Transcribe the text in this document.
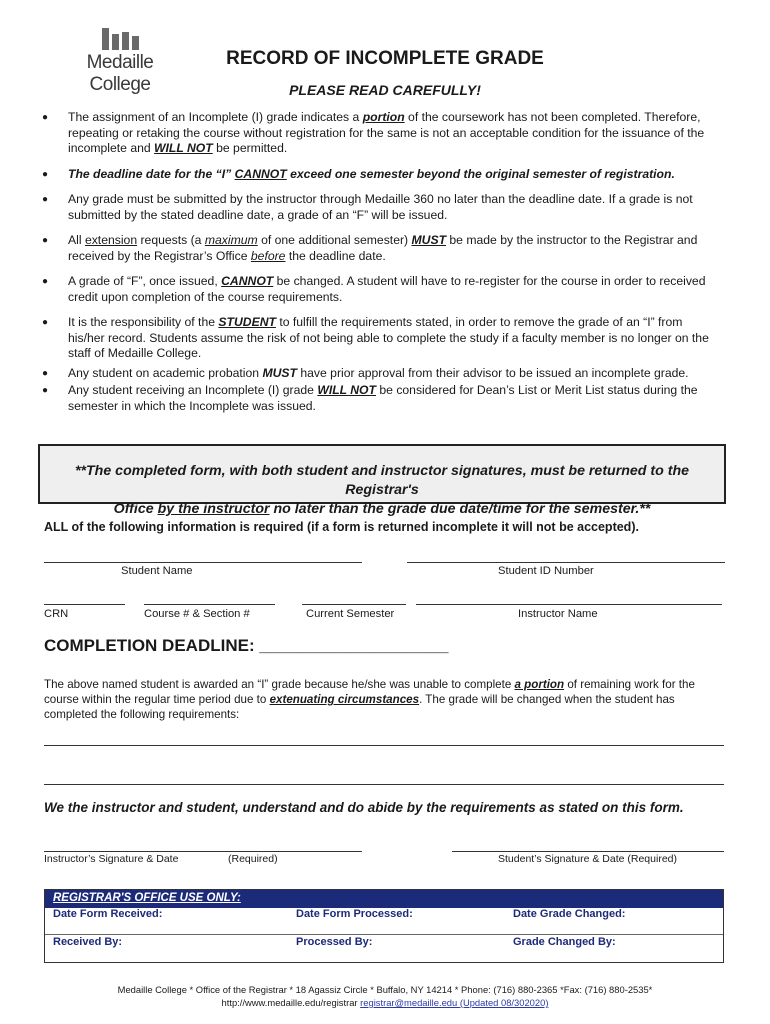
Medaille
College
RECORD OF INCOMPLETE GRADE
PLEASE READ CAREFULLY!
● The assignment of an Incomplete (I) grade indicates a portion of the coursework has not been completed. Therefore, repeating or retaking the course without registration for the same is not an acceptable condition for the issuance of the incomplete and WILL NOT be permitted.
● The deadline date for the “I” CANNOT exceed one semester beyond the original semester of registration.
● Any grade must be submitted by the instructor through Medaille 360 no later than the deadline date. If a grade is not submitted by the stated deadline date, a grade of an “F” will be issued.
● All extension requests (a maximum of one additional semester) MUST be made by the instructor to the Registrar and received by the Registrar’s Office before the deadline date.
● A grade of “F”, once issued, CANNOT be changed. A student will have to re-register for the course in order to received credit upon completion of the course requirements.
● It is the responsibility of the STUDENT to fulfill the requirements stated, in order to remove the grade of an “I” from his/her record. Students assume the risk of not being able to complete the study if a faculty member is no longer on the staff of Medaille College.
● Any student on academic probation MUST have prior approval from their advisor to be issued an incomplete grade.
● Any student receiving an Incomplete (I) grade WILL NOT be considered for Dean’s List or Merit List status during the semester in which the Incomplete was issued.
**The completed form, with both student and instructor signatures, must be returned to the Registrar's
Office by the instructor no later than the grade due date/time for the semester.**
ALL of the following information is required (if a form is returned incomplete it will not be accepted).
Student Name	Student ID Number
CRN	Course # & Section #	Current Semester	Instructor Name
COMPLETION DEADLINE: ____________________
The above named student is awarded an “I” grade because he/she was unable to complete a portion of remaining work for the course within the regular time period due to extenuating circumstances. The grade will be changed when the student has completed the following requirements:
We the instructor and student, understand and do abide by the requirements as stated on this form.
Instructor’s Signature & Date	(Required)	Student’s Signature & Date (Required)
REGISTRAR'S OFFICE USE ONLY:
Date Form Received:	Date Form Processed:	Date Grade Changed:
Received By:	Processed By:	Grade Changed By:
Medaille College * Office of the Registrar * 18 Agassiz Circle * Buffalo, NY 14214 * Phone: (716) 880-2365 *Fax: (716) 880-2535*
http://www.medaille.edu/registrar registrar@medaille.edu (Updated 08/302020)
